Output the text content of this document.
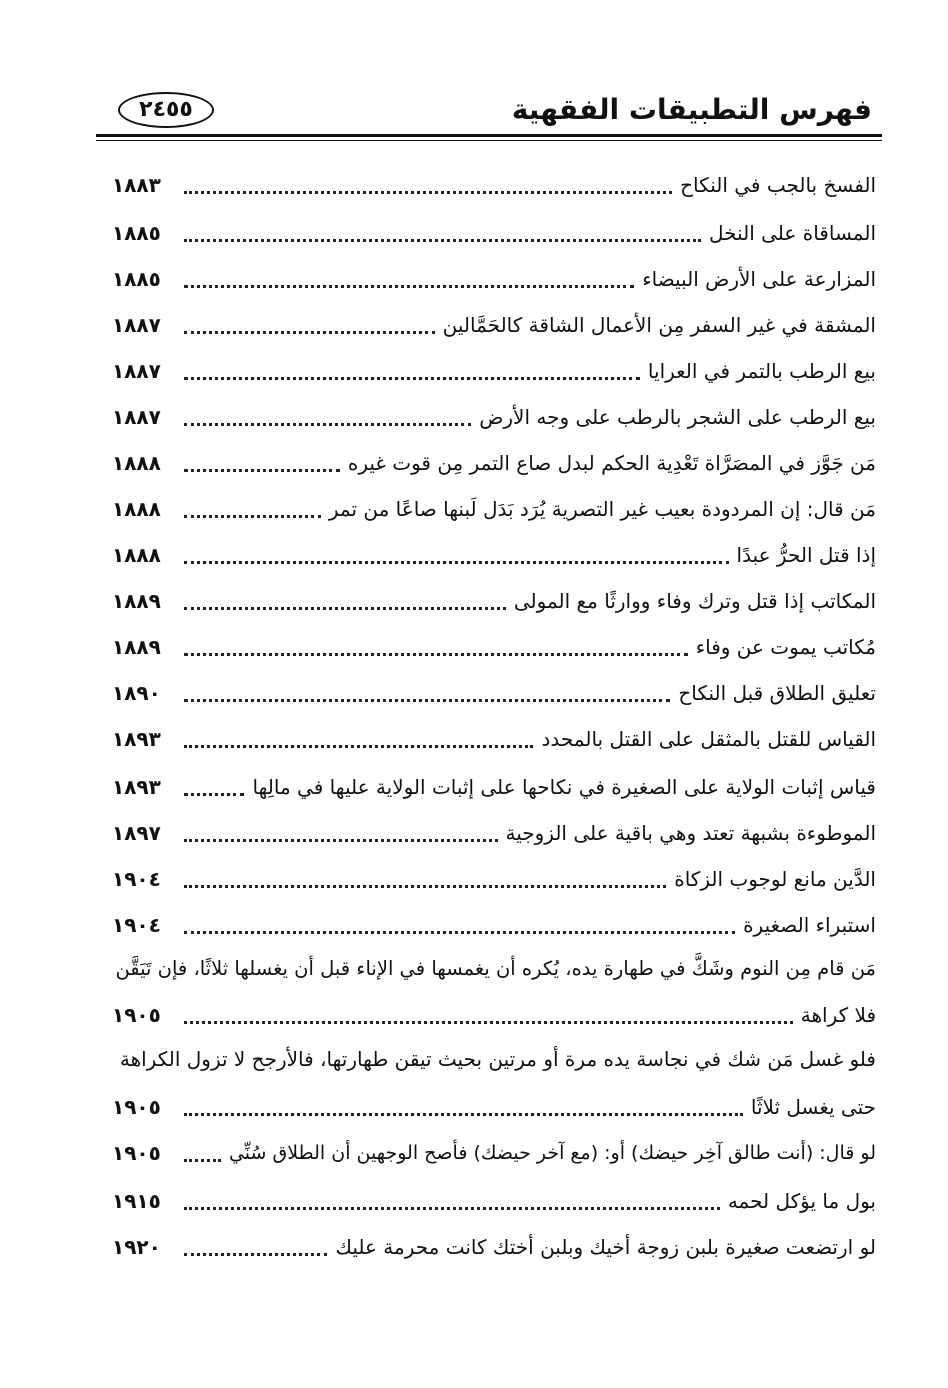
فهرس التطبيقات الفقهية
٢٤٥٥
الفسخ بالجب في النكاح
١٨٨٣
المساقاة على النخل
١٨٨٥
المزارعة على الأرض البيضاء
١٨٨٥
المشقة في غير السفر مِن الأعمال الشاقة كالحَمَّالين
١٨٨٧
بيع الرطب بالتمر في العرايا
١٨٨٧
بيع الرطب على الشجر بالرطب على وجه الأرض
١٨٨٧
مَن جَوَّز في المصَرَّاة تَعْدِية الحكم لبدل صاع التمر مِن قوت غيره
١٨٨٨
مَن قال: إن المردودة بعيب غير التصرية يُرَد بَدَل لَبنها صاعًا من تمر
١٨٨٨
إذا قتل الحرُّ عبدًا
١٨٨٨
المكاتب إذا قتل وترك وفاء ووارثًا مع المولى
١٨٨٩
مُكاتب يموت عن وفاء
١٨٨٩
تعليق الطلاق قبل النكاح
١٨٩٠
القياس للقتل بالمثقل على القتل بالمحدد
١٨٩٣
قياس إثبات الولاية على الصغيرة في نكاحها على إثبات الولاية عليها في مالِها
١٨٩٣
الموطوءة بشبهة تعتد وهي باقية على الزوجية
١٨٩٧
الدَّين مانع لوجوب الزكاة
١٩٠٤
استبراء الصغيرة
١٩٠٤
مَن قام مِن النوم وشَكَّ في طهارة يده، يُكره أن يغمسها في الإناء قبل أن يغسلها ثلاثًا، فإن تَيَقَّن
فلا كراهة
١٩٠٥
فلو غسل مَن شك في نجاسة يده مرة أو مرتين بحيث تيقن طهارتها، فالأرجح لا تزول الكراهة
حتى يغسل ثلاثًا
١٩٠٥
لو قال: (أنت طالق آخِر حيضك) أو: (مع آخر حيضك) فأصح الوجهين أن الطلاق سُنِّي
١٩٠٥
بول ما يؤكل لحمه
١٩١٥
لو ارتضعت صغيرة بلبن زوجة أخيك وبلبن أختك كانت محرمة عليك
١٩٢٠
